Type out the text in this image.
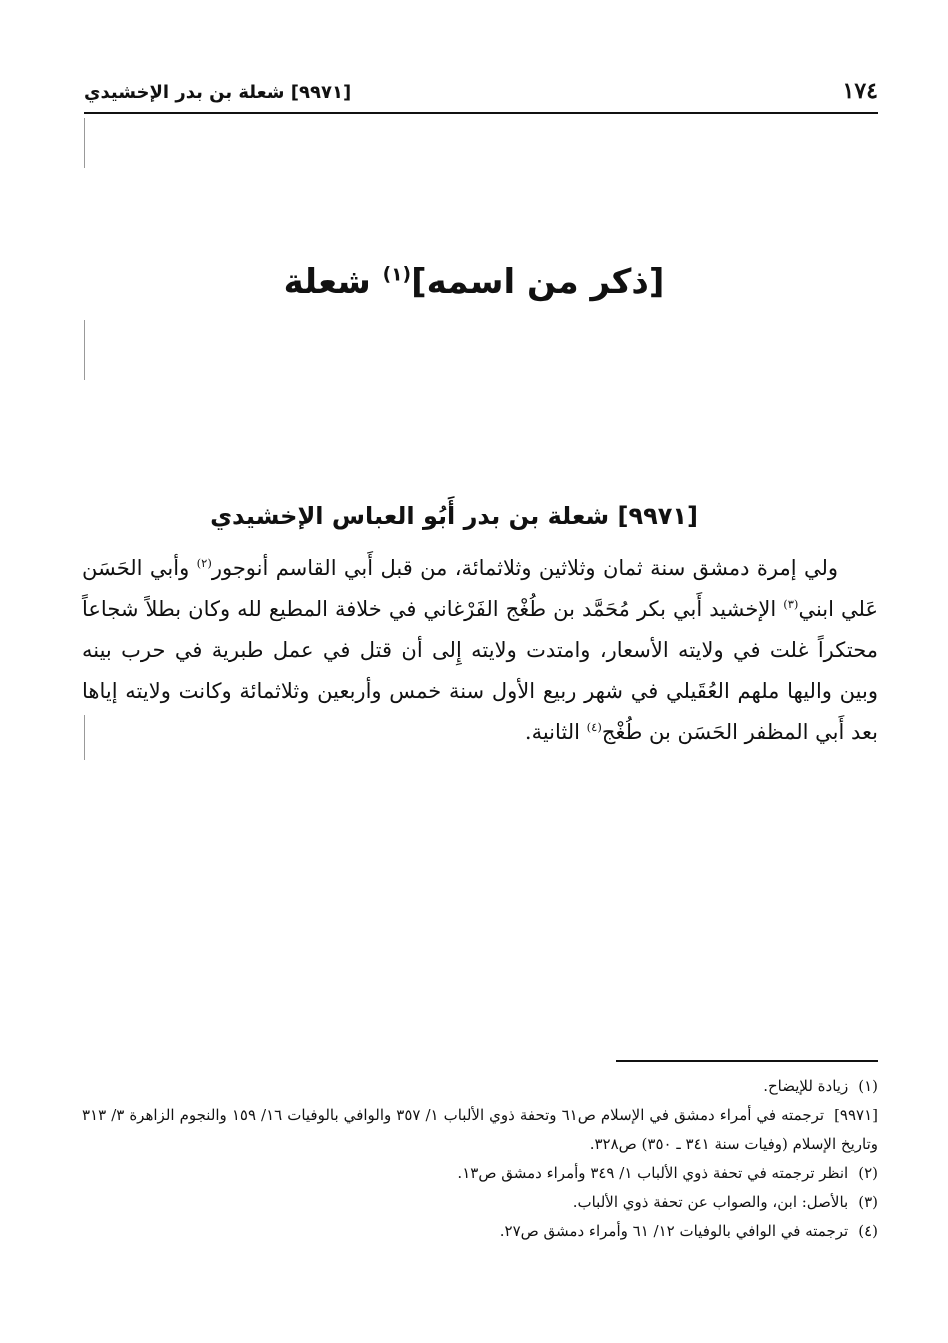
١٧٤
[٩٩٧١] شعلة بن بدر الإخشيدي
[ذكر من اسمه]$^{(١)}$ شعلة
[٩٩٧١] شعلة بن بدر أَبُو العباس الإخشيدي

ولي إمرة دمشق سنة ثمان وثلاثين وثلاثمائة، من قبل أَبي القاسم أنوجور$^{(٢)}$ وأبي الحَسَن عَلي ابني$^{(٣)}$ الإخشيد أَبي بكر مُحَمَّد بن طُغْج الفَرْغاني في خلافة المطيع لله وكان بطلاً شجاعاً محتكراً غلت في ولايته الأسعار، وامتدت ولايته إِلى أن قتل في عمل طبرية في حرب بينه وبين واليها ملهم العُقَيلي في شهر ربيع الأول سنة خمس وأربعين وثلاثمائة وكانت ولايته إياها بعد أَبي المظفر الحَسَن بن طُغْج$^{(٤)}$ الثانية.

(١)زيادة للإيضاح.

[٩٩٧١]ترجمته في أمراء دمشق في الإسلام ص٦١ وتحفة ذوي الألباب ١/ ٣٥٧ والوافي بالوفيات ١٦/ ١٥٩ والنجوم الزاهرة ٣/ ٣١٣ وتاريخ الإسلام (وفيات سنة ٣٤١ ـ ٣٥٠) ص٣٢٨.

(٢)انظر ترجمته في تحفة ذوي الألباب ١/ ٣٤٩ وأمراء دمشق ص١٣.

(٣)بالأصل: ابن، والصواب عن تحفة ذوي الألباب.

(٤)ترجمته في الوافي بالوفيات ١٢/ ٦١ وأمراء دمشق ص٢٧.
